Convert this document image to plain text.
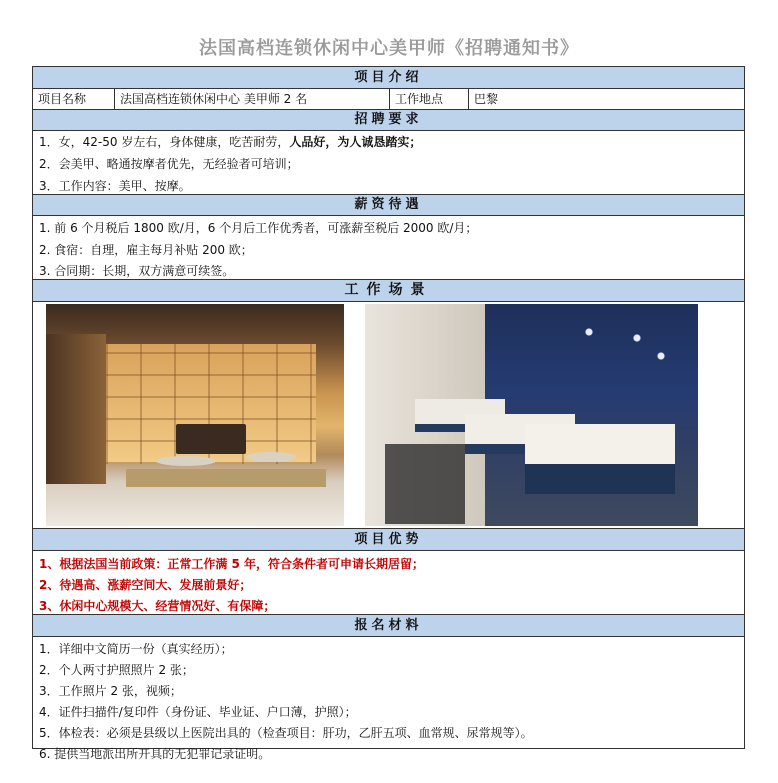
法国高档连锁休闲中心美甲师《招聘通知书》
项目介绍
项目名称	法国高档连锁休闲中心 美甲师 2 名	工作地点	巴黎
招聘要求
1．女，42-50 岁左右，身体健康，吃苦耐劳，人品好，为人诚恳踏实；
2．会美甲、略通按摩者优先，无经验者可培训；
3．工作内容：美甲、按摩。
薪资待遇
1. 前 6 个月税后 1800 欧/月，6 个月后工作优秀者，可涨薪至税后 2000 欧/月；
2. 食宿：自理，雇主每月补贴 200 欧；
3. 合同期：长期，双方满意可续签。
工作场景
项目优势
1、根据法国当前政策：正常工作满 5 年，符合条件者可申请长期居留；
2、待遇高、涨薪空间大、发展前景好；
3、休闲中心规模大、经营情况好、有保障；
报名材料
1．详细中文简历一份（真实经历）；
2．个人两寸护照照片 2 张；
3．工作照片 2 张，视频；
4．证件扫描件/复印件（身份证、毕业证、户口薄，护照）；
5．体检表：必须是县级以上医院出具的（检查项目：肝功，乙肝五项、血常规、尿常规等）。
6. 提供当地派出所开具的无犯罪记录证明。
